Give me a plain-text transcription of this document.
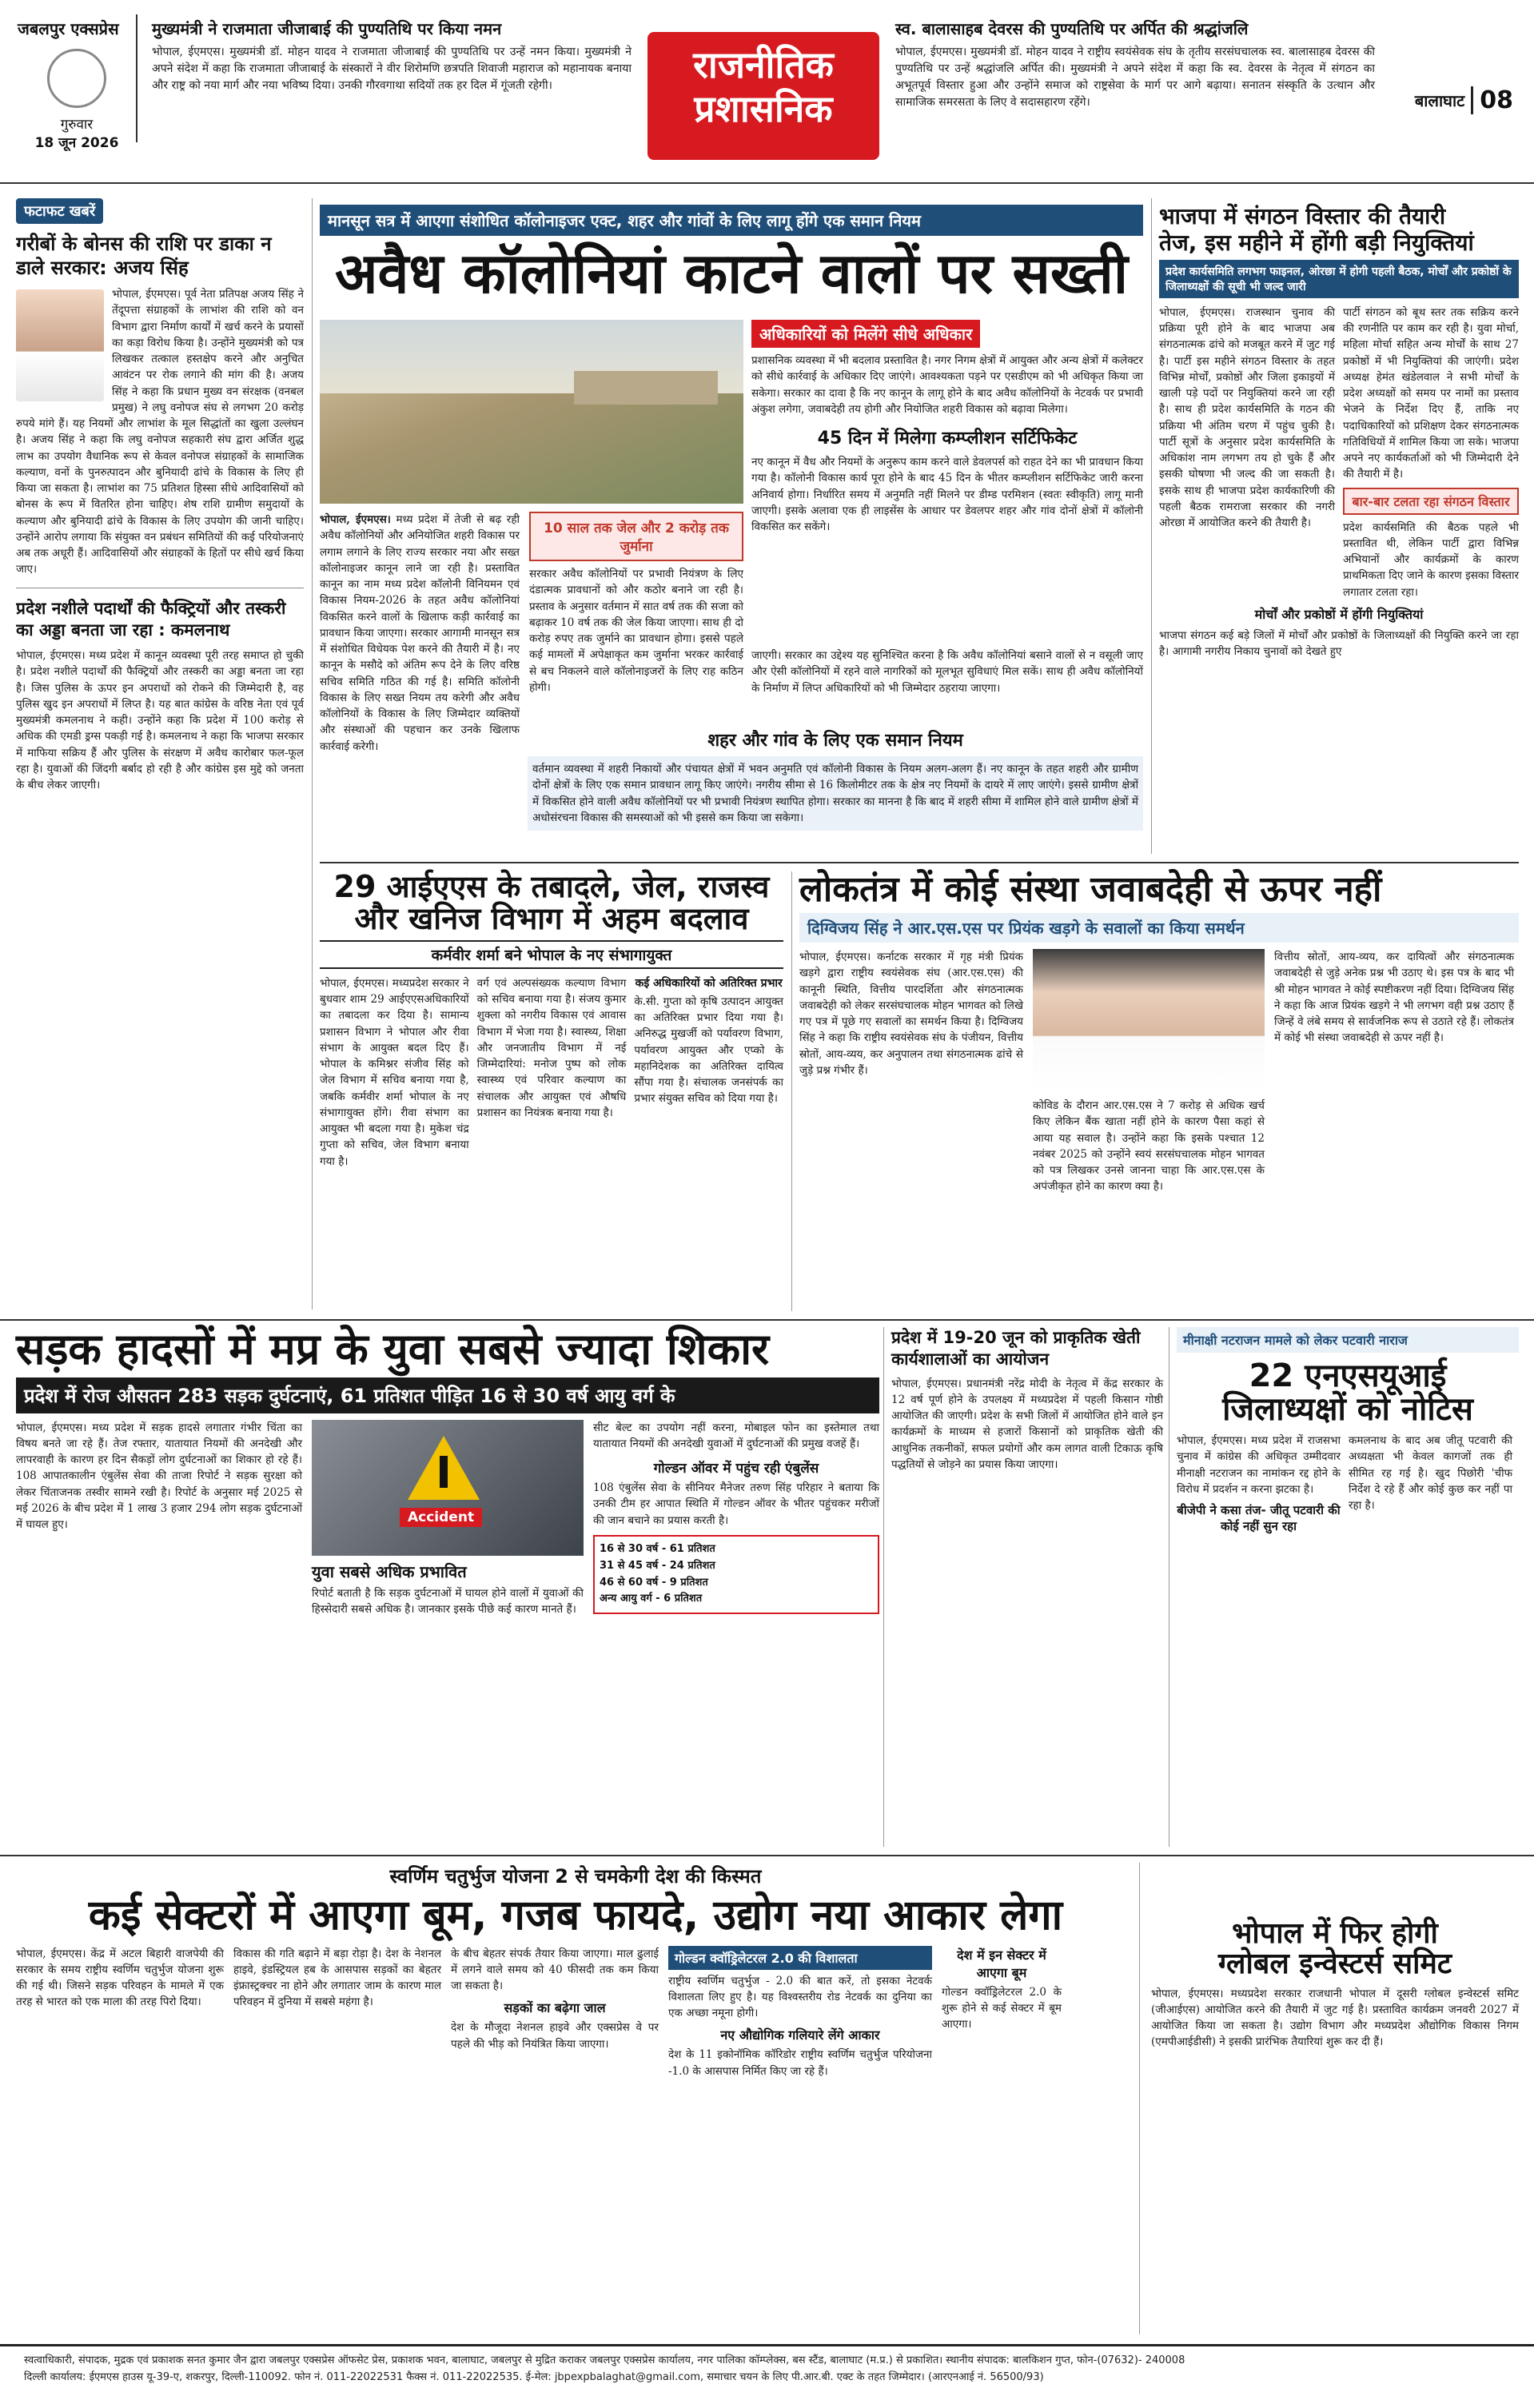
जबलपुर एक्सप्रेस
गुरुवार
18 जून 2026
मुख्यमंत्री ने राजमाता जीजाबाई की पुण्यतिथि पर किया नमन
भोपाल, ईएमएस। मुख्यमंत्री डॉ. मोहन यादव ने राजमाता जीजाबाई की पुण्यतिथि पर उन्हें नमन किया। मुख्यमंत्री ने अपने संदेश में कहा कि राजमाता जीजाबाई के संस्कारों ने वीर शिरोमणि छत्रपति शिवाजी महाराज को महानायक बनाया और राष्ट्र को नया मार्ग और नया भविष्य दिया। उनकी गौरवगाथा सदियों तक हर दिल में गूंजती रहेगी।	राजनीतिक
प्रशासनिक
स्व. बालासाहब देवरस की पुण्यतिथि पर अर्पित की श्रद्धांजलि
भोपाल, ईएमएस। मुख्यमंत्री डॉ. मोहन यादव ने राष्ट्रीय स्वयंसेवक संघ के तृतीय सरसंघचालक स्व. बालासाहब देवरस की पुण्यतिथि पर उन्हें श्रद्धांजलि अर्पित की। मुख्यमंत्री ने अपने संदेश में कहा कि स्व. देवरस के नेतृत्व में संगठन का अभूतपूर्व विस्तार हुआ और उन्होंने समाज को राष्ट्रसेवा के मार्ग पर आगे बढ़ाया। सनातन संस्कृति के उत्थान और सामाजिक समरसता के लिए वे सदासहारण रहेंगे।	बालाघाट 08
फटाफट खबरें
गरीबों के बोनस की राशि पर डाका न डाले सरकार: अजय सिंह
भोपाल, ईएमएस। पूर्व नेता प्रतिपक्ष अजय सिंह ने तेंदूपत्ता संग्राहकों के लाभांश की राशि को वन विभाग द्वारा निर्माण कार्यों में खर्च करने के प्रयासों का कड़ा विरोध किया है। उन्होंने मुख्यमंत्री को पत्र लिखकर तत्काल हस्तक्षेप करने और अनुचित आवंटन पर रोक लगाने की मांग की है। अजय सिंह ने कहा कि प्रधान मुख्य वन संरक्षक (वनबल प्रमुख) ने लघु वनोपज संघ से लगभग 20 करोड़ रुपये मांगे हैं। यह नियमों और लाभांश के मूल सिद्धांतों का खुला उल्लंघन है। अजय सिंह ने कहा कि लघु वनोपज सहकारी संघ द्वारा अर्जित शुद्ध लाभ का उपयोग वैधानिक रूप से केवल वनोपज संग्राहकों के सामाजिक कल्याण, वनों के पुनरुत्पादन और बुनियादी ढांचे के विकास के लिए ही किया जा सकता है। लाभांश का 75 प्रतिशत हिस्सा सीधे आदिवासियों को बोनस के रूप में वितरित होना चाहिए। शेष राशि ग्रामीण समुदायों के कल्याण और बुनियादी ढांचे के विकास के लिए उपयोग की जानी चाहिए। उन्होंने आरोप लगाया कि संयुक्त वन प्रबंधन समितियों की कई परियोजनाएं अब तक अधूरी हैं। आदिवासियों और संग्राहकों के हितों पर सीधे खर्च किया जाए।
प्रदेश नशीले पदार्थों की फैक्ट्रियों और तस्करी का अड्डा बनता जा रहा : कमलनाथ
भोपाल, ईएमएस। मध्य प्रदेश में कानून व्यवस्था पूरी तरह समाप्त हो चुकी है। प्रदेश नशीले पदार्थों की फैक्ट्रियों और तस्करी का अड्डा बनता जा रहा है। जिस पुलिस के ऊपर इन अपराधों को रोकने की जिम्मेदारी है, वह पुलिस खुद इन अपराधों में लिप्त है। यह बात कांग्रेस के वरिष्ठ नेता एवं पूर्व मुख्यमंत्री कमलनाथ ने कही। उन्होंने कहा कि प्रदेश में 100 करोड़ से अधिक की एमडी ड्रग्स पकड़ी गई है। कमलनाथ ने कहा कि भाजपा सरकार में माफिया सक्रिय हैं और पुलिस के संरक्षण में अवैध कारोबार फल-फूल रहा है। युवाओं की जिंदगी बर्बाद हो रही है और कांग्रेस इस मुद्दे को जनता के बीच लेकर जाएगी।
मानसून सत्र में आएगा संशोधित कॉलोनाइजर एक्ट, शहर और गांवों के लिए लागू होंगे एक समान नियम
अवैध कॉलोनियां काटने वालों पर सख्ती
अधिकारियों को मिलेंगे सीधे अधिकार
प्रशासनिक व्यवस्था में भी बदलाव प्रस्तावित है। नगर निगम क्षेत्रों में आयुक्त और अन्य क्षेत्रों में कलेक्टर को सीधे कार्रवाई के अधिकार दिए जाएंगे। आवश्यकता पड़ने पर एसडीएम को भी अधिकृत किया जा सकेगा। सरकार का दावा है कि नए कानून के लागू होने के बाद अवैध कॉलोनियों के नेटवर्क पर प्रभावी अंकुश लगेगा, जवाबदेही तय होगी और नियोजित शहरी विकास को बढ़ावा मिलेगा।
45 दिन में मिलेगा कम्प्लीशन सर्टिफिकेट
नए कानून में वैध और नियमों के अनुरूप काम करने वाले डेवलपर्स को राहत देने का भी प्रावधान किया गया है। कॉलोनी विकास कार्य पूरा होने के बाद 45 दिन के भीतर कम्प्लीशन सर्टिफिकेट जारी करना अनिवार्य होगा। निर्धारित समय में अनुमति नहीं मिलने पर डीम्ड परमिशन (स्वतः स्वीकृति) लागू मानी जाएगी। इसके अलावा एक ही लाइसेंस के आधार पर डेवलपर शहर और गांव दोनों क्षेत्रों में कॉलोनी विकसित कर सकेंगे।
भोपाल, ईएमएस। मध्य प्रदेश में तेजी से बढ़ रही अवैध कॉलोनियों और अनियोजित शहरी विकास पर लगाम लगाने के लिए राज्य सरकार नया और सख्त कॉलोनाइजर कानून लाने जा रही है। प्रस्तावित कानून का नाम मध्य प्रदेश कॉलोनी विनियमन एवं विकास नियम-2026 के तहत अवैध कॉलोनियां विकसित करने वालों के खिलाफ कड़ी कार्रवाई का प्रावधान किया जाएगा। सरकार आगामी मानसून सत्र में संशोधित विधेयक पेश करने की तैयारी में है। नए कानून के मसौदे को अंतिम रूप देने के लिए वरिष्ठ सचिव समिति गठित की गई है। समिति कॉलोनी विकास के लिए सख्त नियम तय करेगी और अवैध कॉलोनियों के विकास के लिए जिम्मेदार व्यक्तियों और संस्थाओं की पहचान कर उनके खिलाफ कार्रवाई करेगी।
10 साल तक जेल और 2 करोड़ तक जुर्माना
सरकार अवैध कॉलोनियों पर प्रभावी नियंत्रण के लिए दंडात्मक प्रावधानों को और कठोर बनाने जा रही है। प्रस्ताव के अनुसार वर्तमान में सात वर्ष तक की सजा को बढ़ाकर 10 वर्ष तक की जेल किया जाएगा। साथ ही दो करोड़ रुपए तक जुर्माने का प्रावधान होगा। इससे पहले कई मामलों में अपेक्षाकृत कम जुर्माना भरकर कार्रवाई से बच निकलने वाले कॉलोनाइजरों के लिए राह कठिन होगी।
जाएगी। सरकार का उद्देश्य यह सुनिश्चित करना है कि अवैध कॉलोनियां बसाने वालों से न वसूली जाए और ऐसी कॉलोनियों में रहने वाले नागरिकों को मूलभूत सुविधाएं मिल सकें। साथ ही अवैध कॉलोनियों के निर्माण में लिप्त अधिकारियों को भी जिम्मेदार ठहराया जाएगा।
शहर और गांव के लिए एक समान नियम
वर्तमान व्यवस्था में शहरी निकायों और पंचायत क्षेत्रों में भवन अनुमति एवं कॉलोनी विकास के नियम अलग-अलग हैं। नए कानून के तहत शहरी और ग्रामीण दोनों क्षेत्रों के लिए एक समान प्रावधान लागू किए जाएंगे। नगरीय सीमा से 16 किलोमीटर तक के क्षेत्र नए नियमों के दायरे में लाए जाएंगे। इससे ग्रामीण क्षेत्रों में विकसित होने वाली अवैध कॉलोनियों पर भी प्रभावी नियंत्रण स्थापित होगा। सरकार का मानना है कि बाद में शहरी सीमा में शामिल होने वाले ग्रामीण क्षेत्रों में अधोसंरचना विकास की समस्याओं को भी इससे कम किया जा सकेगा।
भाजपा में संगठन विस्तार की तैयारी
तेज, इस महीने में होंगी बड़ी नियुक्तियां
प्रदेश कार्यसमिति लगभग फाइनल, ओरछा में होगी पहली बैठक, मोर्चों और प्रकोष्ठों के जिलाध्यक्षों की सूची भी जल्द जारी
भोपाल, ईएमएस। राजस्थान चुनाव की प्रक्रिया पूरी होने के बाद भाजपा अब संगठनात्मक ढांचे को मजबूत करने में जुट गई है। पार्टी इस महीने संगठन विस्तार के तहत विभिन्न मोर्चों, प्रकोष्ठों और जिला इकाइयों में खाली पड़े पदों पर नियुक्तियां करने जा रही है। साथ ही प्रदेश कार्यसमिति के गठन की प्रक्रिया भी अंतिम चरण में पहुंच चुकी है। पार्टी सूत्रों के अनुसार प्रदेश कार्यसमिति के अधिकांश नाम लगभग तय हो चुके हैं और इसकी घोषणा भी जल्द की जा सकती है। इसके साथ ही भाजपा प्रदेश कार्यकारिणी की पहली बैठक रामराजा सरकार की नगरी ओरछा में आयोजित करने की तैयारी है।
पार्टी संगठन को बूथ स्तर तक सक्रिय करने की रणनीति पर काम कर रही है। युवा मोर्चा, महिला मोर्चा सहित अन्य मोर्चों के साथ 27 प्रकोष्ठों में भी नियुक्तियां की जाएंगी। प्रदेश अध्यक्ष हेमंत खंडेलवाल ने सभी मोर्चों के प्रदेश अध्यक्षों को समय पर नामों का प्रस्ताव भेजने के निर्देश दिए हैं, ताकि नए पदाधिकारियों को प्रशिक्षण देकर संगठनात्मक गतिविधियों में शामिल किया जा सके। भाजपा अपने नए कार्यकर्ताओं को भी जिम्मेदारी देने की तैयारी में है।
बार-बार टलता रहा संगठन विस्तार
प्रदेश कार्यसमिति की बैठक पहले भी प्रस्तावित थी, लेकिन पार्टी द्वारा विभिन्न अभियानों और कार्यक्रमों के कारण प्राथमिकता दिए जाने के कारण इसका विस्तार लगातार टलता रहा।
मोर्चों और प्रकोष्ठों में होंगी नियुक्तियां
भाजपा संगठन कई बड़े जिलों में मोर्चों और प्रकोष्ठों के जिलाध्यक्षों की नियुक्ति करने जा रहा है। आगामी नगरीय निकाय चुनावों को देखते हुए
29 आईएएस के तबादले, जेल, राजस्व
और खनिज विभाग में अहम बदलाव
कर्मवीर शर्मा बने भोपाल के नए संभागायुक्त
भोपाल, ईएमएस। मध्यप्रदेश सरकार ने बुधवार शाम 29 आईएएसअधिकारियों का तबादला कर दिया है। सामान्य प्रशासन विभाग ने भोपाल और रीवा संभाग के आयुक्त बदल दिए हैं। भोपाल के कमिश्नर संजीव सिंह को जेल विभाग में सचिव बनाया गया है, जबकि कर्मवीर शर्मा भोपाल के नए संभागायुक्त होंगे। रीवा संभाग का आयुक्त भी बदला गया है। मुकेश चंद्र गुप्ता को सचिव, जेल विभाग बनाया गया है।
वर्ग एवं अल्पसंख्यक कल्याण विभाग को सचिव बनाया गया है। संजय कुमार शुक्ला को नगरीय विकास एवं आवास विभाग में भेजा गया है। स्वास्थ्य, शिक्षा और जनजातीय विभाग में नई जिम्मेदारियां: मनोज पुष्प को लोक स्वास्थ्य एवं परिवार कल्याण का संचालक और आयुक्त एवं औषधि प्रशासन का नियंत्रक बनाया गया है।
कई अधिकारियों को अतिरिक्त प्रभार
के.सी. गुप्ता को कृषि उत्पादन आयुक्त का अतिरिक्त प्रभार दिया गया है। अनिरुद्ध मुखर्जी को पर्यावरण विभाग, पर्यावरण आयुक्त और एप्को के महानिदेशक का अतिरिक्त दायित्व सौंपा गया है। संचालक जनसंपर्क का प्रभार संयुक्त सचिव को दिया गया है।
लोकतंत्र में कोई संस्था जवाबदेही से ऊपर नहीं
दिग्विजय सिंह ने आर.एस.एस पर प्रियंक खड़गे के सवालों का किया समर्थन
भोपाल, ईएमएस। कर्नाटक सरकार में गृह मंत्री प्रियंक खड़गे द्वारा राष्ट्रीय स्वयंसेवक संघ (आर.एस.एस) की कानूनी स्थिति, वित्तीय पारदर्शिता और संगठनात्मक जवाबदेही को लेकर सरसंघचालक मोहन भागवत को लिखे गए पत्र में पूछे गए सवालों का समर्थन किया है। दिग्विजय सिंह ने कहा कि राष्ट्रीय स्वयंसेवक संघ के पंजीयन, वित्तीय स्रोतों, आय-व्यय, कर अनुपालन तथा संगठनात्मक ढांचे से जुड़े प्रश्न गंभीर हैं।
कोविड के दौरान आर.एस.एस ने 7 करोड़ से अधिक खर्च किए लेकिन बैंक खाता नहीं होने के कारण पैसा कहां से आया यह सवाल है। उन्होंने कहा कि इसके पश्चात 12 नवंबर 2025 को उन्होंने स्वयं सरसंघचालक मोहन भागवत को पत्र लिखकर उनसे जानना चाहा कि आर.एस.एस के अपंजीकृत होने का कारण क्या है।
वित्तीय स्रोतों, आय-व्यय, कर दायित्वों और संगठनात्मक जवाबदेही से जुड़े अनेक प्रश्न भी उठाए थे। इस पत्र के बाद भी श्री मोहन भागवत ने कोई स्पष्टीकरण नहीं दिया। दिग्विजय सिंह ने कहा कि आज प्रियंक खड़गे ने भी लगभग वही प्रश्न उठाए हैं जिन्हें वे लंबे समय से सार्वजनिक रूप से उठाते रहे हैं। लोकतंत्र में कोई भी संस्था जवाबदेही से ऊपर नहीं है।
सड़क हादसों में मप्र के युवा सबसे ज्यादा शिकार
प्रदेश में रोज औसतन 283 सड़क दुर्घटनाएं, 61 प्रतिशत पीड़ित 16 से 30 वर्ष आयु वर्ग के
भोपाल, ईएमएस। मध्य प्रदेश में सड़क हादसे लगातार गंभीर चिंता का विषय बनते जा रहे हैं। तेज रफ्तार, यातायात नियमों की अनदेखी और लापरवाही के कारण हर दिन सैकड़ों लोग दुर्घटनाओं का शिकार हो रहे हैं। 108 आपातकालीन एंबुलेंस सेवा की ताजा रिपोर्ट ने सड़क सुरक्षा को लेकर चिंताजनक तस्वीर सामने रखी है। रिपोर्ट के अनुसार मई 2025 से मई 2026 के बीच प्रदेश में 1 लाख 3 हजार 294 लोग सड़क दुर्घटनाओं में घायल हुए।	Accident
युवा सबसे अधिक प्रभावित
रिपोर्ट बताती है कि सड़क दुर्घटनाओं में घायल होने वालों में युवाओं की हिस्सेदारी सबसे अधिक है। जानकार इसके पीछे कई कारण मानते हैं।
सीट बेल्ट का उपयोग नहीं करना, मोबाइल फोन का इस्तेमाल तथा यातायात नियमों की अनदेखी युवाओं में दुर्घटनाओं की प्रमुख वजहें हैं।
गोल्डन ऑवर में पहुंच रही एंबुलेंस
108 एंबुलेंस सेवा के सीनियर मैनेजर तरुण सिंह परिहार ने बताया कि उनकी टीम हर आपात स्थिति में गोल्डन ऑवर के भीतर पहुंचकर मरीजों की जान बचाने का प्रयास करती है।
16 से 30 वर्ष - 61 प्रतिशत
31 से 45 वर्ष - 24 प्रतिशत
46 से 60 वर्ष - 9 प्रतिशत
अन्य आयु वर्ग - 6 प्रतिशत
प्रदेश में 19-20 जून को प्राकृतिक खेती कार्यशालाओं का आयोजन
भोपाल, ईएमएस। प्रधानमंत्री नरेंद्र मोदी के नेतृत्व में केंद्र सरकार के 12 वर्ष पूर्ण होने के उपलक्ष्य में मध्यप्रदेश में पहली किसान गोष्ठी आयोजित की जाएगी। प्रदेश के सभी जिलों में आयोजित होने वाले इन कार्यक्रमों के माध्यम से हजारों किसानों को प्राकृतिक खेती की आधुनिक तकनीकों, सफल प्रयोगों और कम लागत वाली टिकाऊ कृषि पद्धतियों से जोड़ने का प्रयास किया जाएगा।
मीनाक्षी नटराजन मामले को लेकर पटवारी नाराज
22 एनएसयूआई
जिलाध्यक्षों को नोटिस
भोपाल, ईएमएस। मध्य प्रदेश में राजसभा चुनाव में कांग्रेस की अधिकृत उम्मीदवार मीनाक्षी नटराजन का नामांकन रद्द होने के विरोध में प्रदर्शन न करना झटका है।
बीजेपी ने कसा तंज- जीतू पटवारी की कोई नहीं सुन रहा
कमलनाथ के बाद अब जीतू पटवारी की अध्यक्षता भी केवल कागजों तक ही सीमित रह गई है। खुद पिछोरी 'चीफ निर्देश दे रहे हैं और कोई कुछ कर नहीं पा रहा है।
स्वर्णिम चतुर्भुज योजना 2 से चमकेगी देश की किस्मत
कई सेक्टरों में आएगा बूम, गजब फायदे, उद्योग नया आकार लेगा
भोपाल, ईएमएस। केंद्र में अटल बिहारी वाजपेयी की सरकार के समय राष्ट्रीय स्वर्णिम चतुर्भुज योजना शुरू की गई थी। जिसने सड़क परिवहन के मामले में एक तरह से भारत को एक माला की तरह पिरो दिया।
विकास की गति बढ़ाने में बड़ा रोड़ा है। देश के नेशनल हाइवे, इंडस्ट्रियल हब के आसपास सड़कों का बेहतर इंफ्रास्ट्रक्चर ना होने और लगातार जाम के कारण माल परिवहन में दुनिया में सबसे महंगा है।
के बीच बेहतर संपर्क तैयार किया जाएगा। माल ढुलाई में लगने वाले समय को 40 फीसदी तक कम किया जा सकता है।
सड़कों का बढ़ेगा जाल
देश के मौजूदा नेशनल हाइवे और एक्सप्रेस वे पर पहले की भीड़ को नियंत्रित किया जाएगा।
गोल्डन क्वॉड्रिलेटरल 2.0 की विशालता
राष्ट्रीय स्वर्णिम चतुर्भुज - 2.0 की बात करें, तो इसका नेटवर्क विशालता लिए हुए है। यह विश्वस्तरीय रोड नेटवर्क का दुनिया का एक अच्छा नमूना होगी।
नए औद्योगिक गलियारे लेंगे आकार
देश के 11 इकोनॉमिक कॉरिडोर राष्ट्रीय स्वर्णिम चतुर्भुज परियोजना -1.0 के आसपास निर्मित किए जा रहे हैं।
देश में इन सेक्टर में आएगा बूम
गोल्डन क्वॉड्रिलेटरल 2.0 के शुरू होने से कई सेक्टर में बूम आएगा।
भोपाल में फिर होगी
ग्लोबल इन्वेस्टर्स समिट
भोपाल, ईएमएस। मध्यप्रदेश सरकार राजधानी भोपाल में दूसरी ग्लोबल इन्वेस्टर्स समिट (जीआईएस) आयोजित करने की तैयारी में जुट गई है। प्रस्तावित कार्यक्रम जनवरी 2027 में आयोजित किया जा सकता है। उद्योग विभाग और मध्यप्रदेश औद्योगिक विकास निगम (एमपीआईडीसी) ने इसकी प्रारंभिक तैयारियां शुरू कर दी हैं।
स्वत्वाधिकारी, संपादक, मुद्रक एवं प्रकाशक सनत कुमार जैन द्वारा जबलपुर एक्सप्रेस ऑफसेट प्रेस, प्रकाशक भवन, बालाघाट, जबलपुर से मुद्रित कराकर जबलपुर एक्सप्रेस कार्यालय, नगर पालिका कॉम्प्लेक्स, बस स्टैंड, बालाघाट (म.प्र.) से प्रकाशित। स्थानीय संपादक: बालकिशन गुप्त, फोन-(07632)- 240008
दिल्ली कार्यालय: ईएमएस हाउस यू-39-ए, शकरपुर, दिल्ली-110092. फोन नं. 011-22022531 फैक्स नं. 011-22022535. ई-मेल: jbpexpbalaghat@gmail.com, समाचार चयन के लिए पी.आर.बी. एक्ट के तहत जिम्मेदार। (आरएनआई नं. 56500/93)
